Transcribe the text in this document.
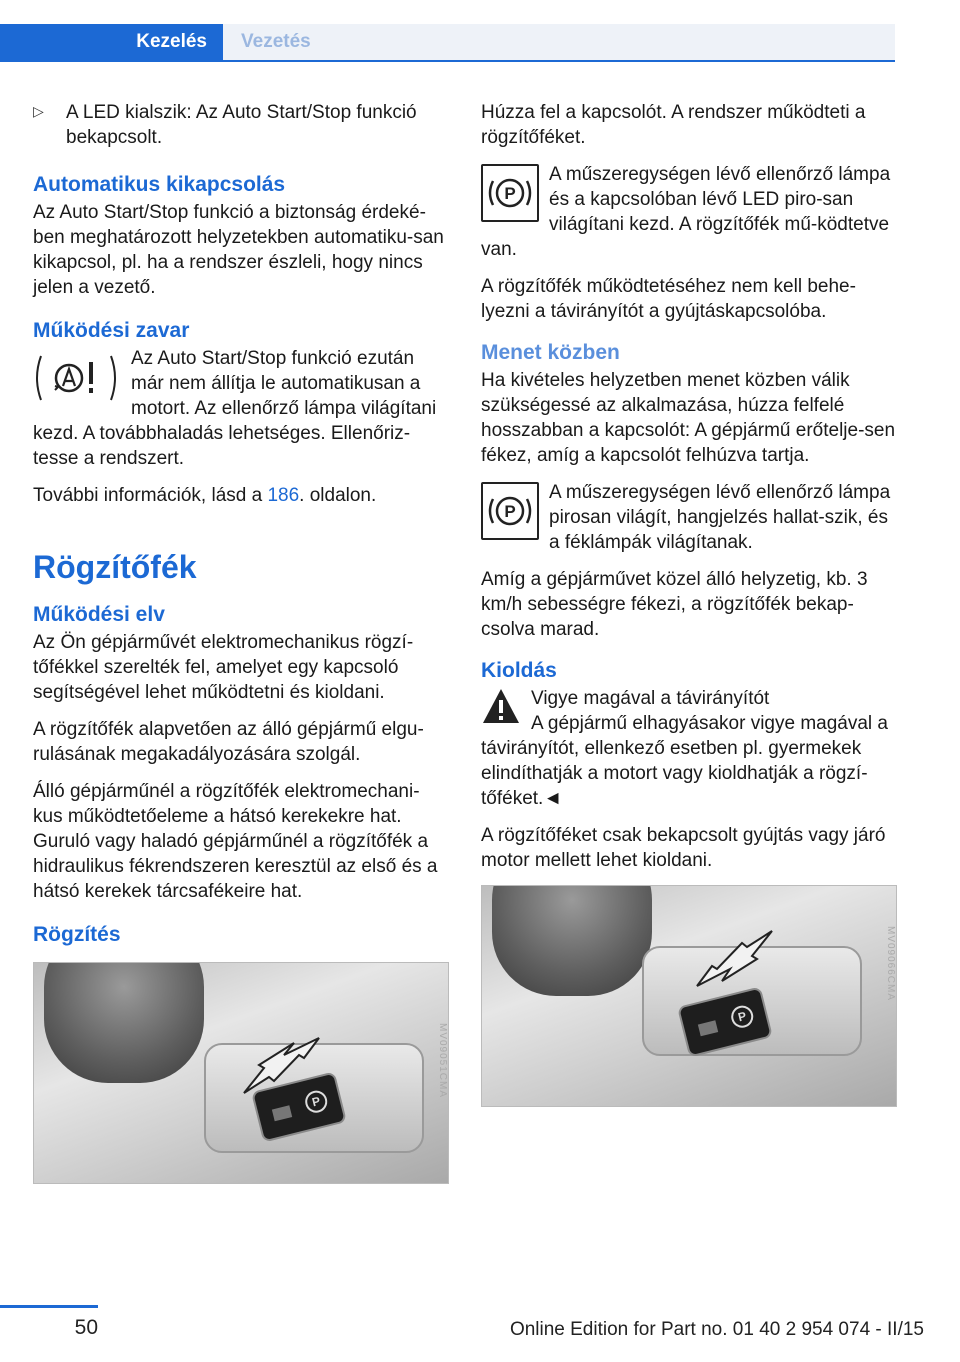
Kezelés	Vezetés
▷	A LED kialszik: Az Auto Start/Stop funkció bekapcsolt.
Automatikus kikapcsolás

Az Auto Start/Stop funkció a biztonság érdeké-ben meghatározott helyzetekben automatiku-san kikapcsol, pl. ha a rendszer észleli, hogy nincs jelen a vezető.

Működési zavar
Az Auto Start/Stop funkció ezután már nem állítja le automatikusan a motort. Az ellenőrző lámpa világítani kezd. A továbbhaladás lehetséges. Ellenőriz-tesse a rendszert.

További információk, lásd a 186. oldalon.

Rögzítőfék
Működési elv

Az Ön gépjárművét elektromechanikus rögzí-tőfékkel szerelték fel, amelyet egy kapcsoló segítségével lehet működtetni és kioldani.

A rögzítőfék alapvetően az álló gépjármű elgu-rulásának megakadályozására szolgál.

Álló gépjárműnél a rögzítőfék elektromechani-kus működtetőeleme a hátsó kerekekre hat. Guruló vagy haladó gépjárműnél a rögzítőfék a hidraulikus fékrendszeren keresztül az első és a hátsó kerekek tárcsafékeire hat.

Rögzítés
P
MV09051CMA

Húzza fel a kapcsolót. A rendszer működteti a rögzítőféket.

P
A műszeregységen lévő ellenőrző lámpa és a kapcsolóban lévő LED piro-san világítani kezd. A rögzítőfék mű-ködtetve van.

A rögzítőfék működtetéséhez nem kell behe-lyezni a távirányítót a gyújtáskapcsolóba.

Menet közben

Ha kivételes helyzetben menet közben válik szükségessé az alkalmazása, húzza felfelé hosszabban a kapcsolót: A gépjármű erőtelje-sen fékez, amíg a kapcsolót felhúzva tartja.

P
A műszeregységen lévő ellenőrző lámpa pirosan világít, hangjelzés hallat-szik, és a féklámpák világítanak.

Amíg a gépjárművet közel álló helyzetig, kb. 3 km/h sebességre fékezi, a rögzítőfék bekap-csolva marad.

Kioldás
Vigye magával a távirányítót
A gépjármű elhagyásakor vigye magával a távirányítót, ellenkező esetben pl. gyermekek elindíthatják a motort vagy kioldhatják a rögzí-tőféket.◄

A rögzítőféket csak bekapcsolt gyújtás vagy járó motor mellett lehet kioldani.

P
MV09066CMA
50	Online Edition for Part no. 01 40 2 954 074 - II/15
